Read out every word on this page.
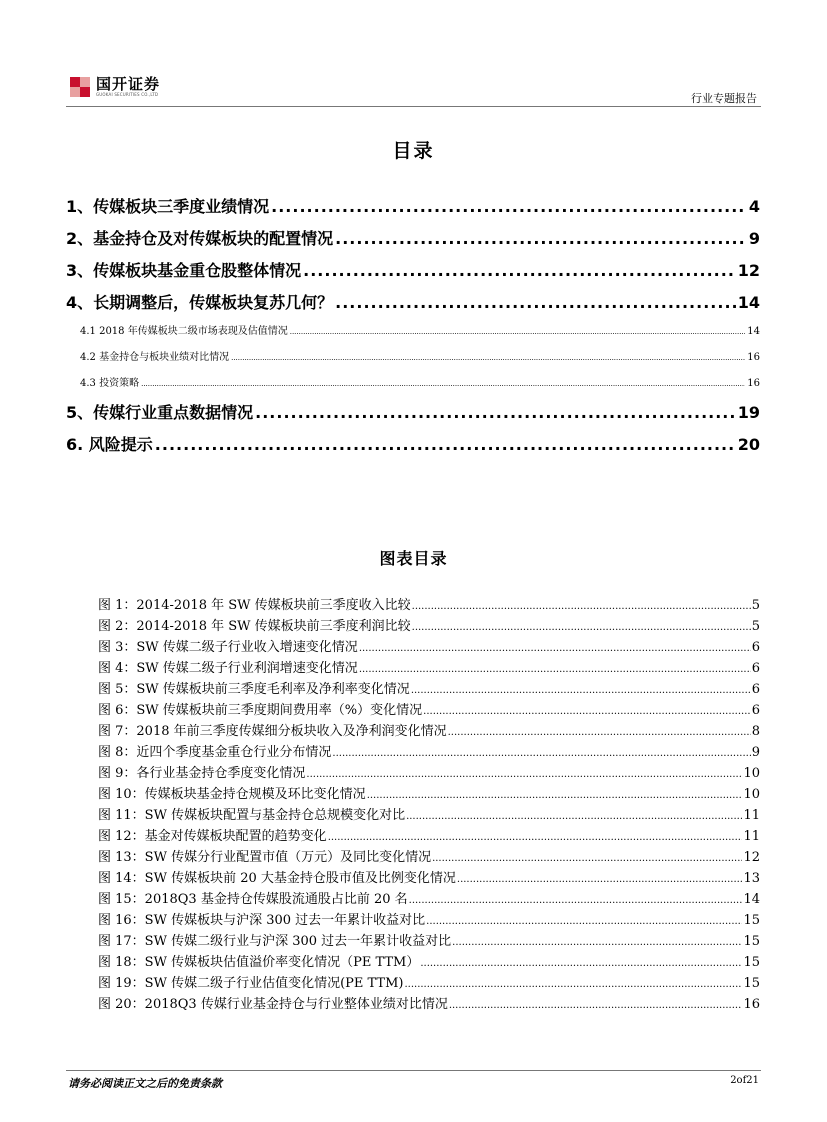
国开证券
GUOKAI SECURITIES CO.,LTD	行业专题报告
目录
1、传媒板块三季度业绩情况 .....	4
2、基金持仓及对传媒板块的配置情况 .....	9
3、传媒板块基金重仓股整体情况 .....	12
4、长期调整后，传媒板块复苏几何？ .....	14
4.1 2018 年传媒板块二级市场表现及估值情况 .....	14
4.2 基金持仓与板块业绩对比情况 .....	16
4.3 投资策略 .....	16
5、传媒行业重点数据情况 .....	19
6. 风险提示 .....	20
图表目录
图 1：2014-2018 年 SW 传媒板块前三季度收入比较 .....	5
图 2：2014-2018 年 SW 传媒板块前三季度利润比较 .....	5
图 3：SW 传媒二级子行业收入增速变化情况 .....	6
图 4：SW 传媒二级子行业利润增速变化情况 .....	6
图 5：SW 传媒板块前三季度毛利率及净利率变化情况 .....	6
图 6：SW 传媒板块前三季度期间费用率（%）变化情况 .....	6
图 7：2018 年前三季度传媒细分板块收入及净利润变化情况 .....	8
图 8：近四个季度基金重仓行业分布情况 .....	9
图 9：各行业基金持仓季度变化情况 .....	10
图 10：传媒板块基金持仓规模及环比变化情况 .....	10
图 11：SW 传媒板块配置与基金持仓总规模变化对比 .....	11
图 12：基金对传媒板块配置的趋势变化 .....	11
图 13：SW 传媒分行业配置市值（万元）及同比变化情况 .....	12
图 14：SW 传媒板块前 20 大基金持仓股市值及比例变化情况 .....	13
图 15：2018Q3 基金持仓传媒股流通股占比前 20 名 .....	14
图 16：SW 传媒板块与沪深 300 过去一年累计收益对比 .....	15
图 17：SW 传媒二级行业与沪深 300 过去一年累计收益对比 .....	15
图 18：SW 传媒板块估值溢价率变化情况（PE TTM） .....	15
图 19：SW 传媒二级子行业估值变化情况(PE TTM) .....	15
图 20：2018Q3 传媒行业基金持仓与行业整体业绩对比情况 .....	16
请务必阅读正文之后的免责条款	2of21
